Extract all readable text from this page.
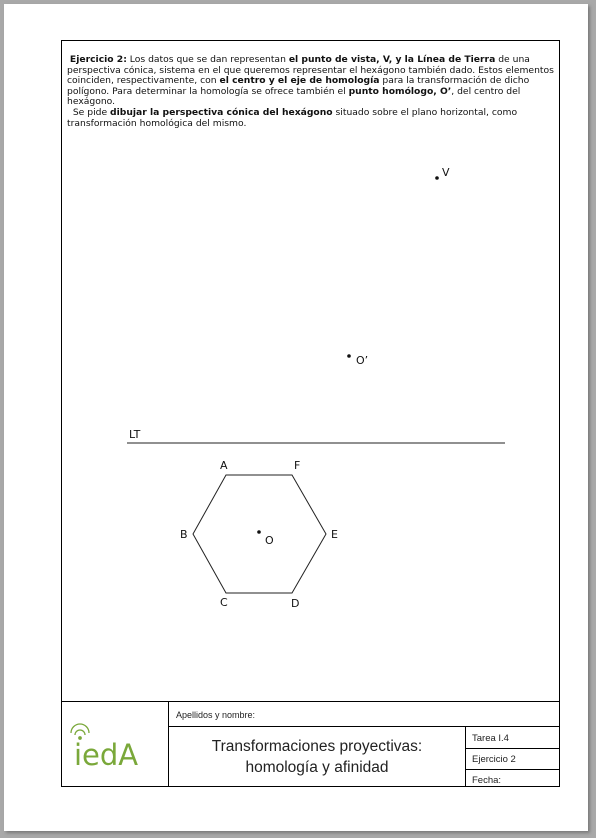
Ejercicio 2: Los datos que se dan representan el punto de vista, V, y la Línea de Tierra de una perspectiva cónica, sistema en el que queremos representar el hexágono también dado. Estos elementos coinciden, respectivamente, con el centro y el eje de homología para la transformación de dicho polígono. Para determinar la homología se ofrece también el punto homólogo, O’, del centro del hexágono.
Se pide dibujar la perspectiva cónica del hexágono situado sobre el plano horizontal, como transformación homológica del mismo.

V
O’
LT
O
A	F
B	E
C	D
Apellidos y nombre:
Transformaciones proyectivas:
homología y afinidad
Tarea I.4
Ejercicio 2
Fecha:
iedA
